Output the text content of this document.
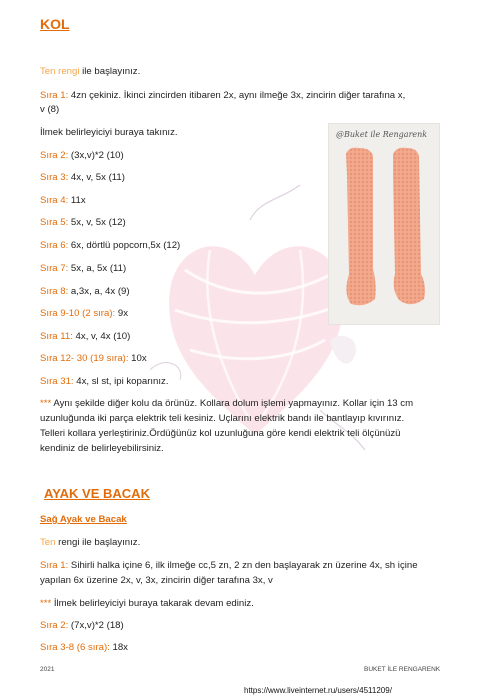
KOL
Ten rengi ile başlayınız.
Sıra 1: 4zn çekiniz. İkinci zincirden itibaren 2x, aynı ilmeğe 3x, zincirin diğer tarafına x,
v (8)
İlmek belirleyiciyi buraya takınız.
Sıra 2: (3x,v)*2 (10)
Sıra 3: 4x, v, 5x (11)
Sıra 4: 11x
Sıra 5: 5x, v, 5x (12)
Sıra 6: 6x, dörtlü popcorn,5x (12)
Sıra 7: 5x, a, 5x (11)
Sıra 8: a,3x, a, 4x (9)
Sıra 9-10 (2 sıra): 9x
Sıra 11: 4x, v, 4x (10)
Sıra 12- 30 (19 sıra): 10x
Sıra 31: 4x, sl st, ipi koparınız.
@Buket ile Rengarenk
*** Aynı şekilde diğer kolu da örünüz. Kollara dolum işlemi yapmayınız. Kollar için 13 cm
uzunluğunda iki parça elektrik teli kesiniz. Uçlarını elektrik bandı ile bantlayıp kıvırınız.
Telleri kollara yerleştiriniz.Ördüğünüz kol uzunluğuna göre kendi elektrik teli ölçünüzü
kendiniz de belirleyebilirsiniz.
AYAK VE BACAK
Sağ Ayak ve Bacak
Ten rengi ile başlayınız.
Sıra 1: Sihirli halka içine 6, ilk ilmeğe cc,5 zn, 2 zn den başlayarak zn üzerine 4x, sh içine
yapılan 6x üzerine 2x, v, 3x, zincirin diğer tarafına 3x, v
*** İlmek belirleyiciyi buraya takarak devam ediniz.
Sıra 2: (7x,v)*2 (18)
Sıra 3-8 (6 sıra): 18x
2021	BUKET İLE RENGARENK
https://www.liveinternet.ru/users/4511209/
